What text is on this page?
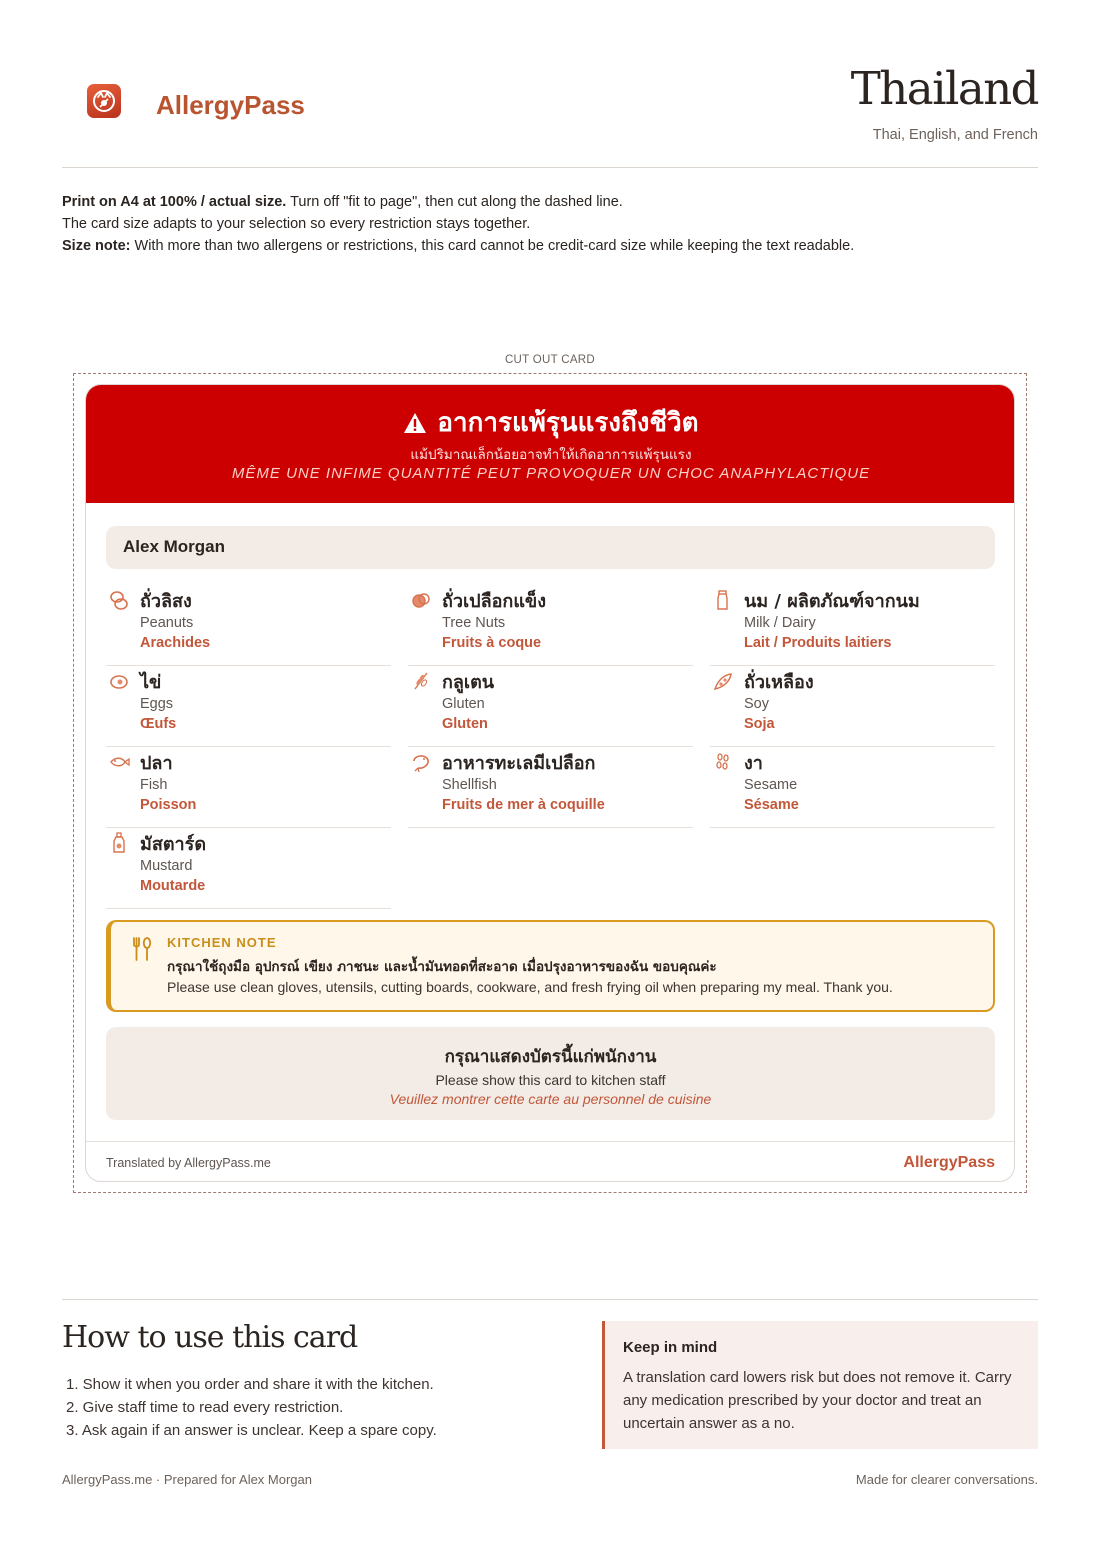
AllergyPass	Thailand
Thai, English, and French
Print on A4 at 100% / actual size. Turn off "fit to page", then cut along the dashed line.
The card size adapts to your selection so every restriction stays together.
Size note: With more than two allergens or restrictions, this card cannot be credit-card size while keeping the text readable.
CUT OUT CARD
อาการแพ้รุนแรงถึงชีวิต
แม้ปริมาณเล็กน้อยอาจทำให้เกิดอาการแพ้รุนแรง
MÊME UNE INFIME QUANTITÉ PEUT PROVOQUER UN CHOC ANAPHYLACTIQUE
Alex Morgan
ถั่วลิสง
Peanuts
Arachides
ถั่วเปลือกแข็ง
Tree Nuts
Fruits à coque
นม / ผลิตภัณฑ์จากนม
Milk / Dairy
Lait / Produits laitiers
ไข่
Eggs
Œufs
กลูเตน
Gluten
Gluten
ถั่วเหลือง
Soy
Soja
ปลา
Fish
Poisson
อาหารทะเลมีเปลือก
Shellfish
Fruits de mer à coquille
งา
Sesame
Sésame
มัสตาร์ด
Mustard
Moutarde
KITCHEN NOTE
กรุณาใช้ถุงมือ อุปกรณ์ เขียง ภาชนะ และน้ำมันทอดที่สะอาด เมื่อปรุงอาหารของฉัน ขอบคุณค่ะ
Please use clean gloves, utensils, cutting boards, cookware, and fresh frying oil when preparing my meal. Thank you.
กรุณาแสดงบัตรนี้แก่พนักงาน
Please show this card to kitchen staff
Veuillez montrer cette carte au personnel de cuisine
Translated by AllergyPass.me	AllergyPass
How to use this card
1. Show it when you order and share it with the kitchen.
2. Give staff time to read every restriction.
3. Ask again if an answer is unclear. Keep a spare copy.
Keep in mind
A translation card lowers risk but does not remove it. Carry any medication prescribed by your doctor and treat an uncertain answer as a no.
AllergyPass.me · Prepared for Alex Morgan	Made for clearer conversations.
